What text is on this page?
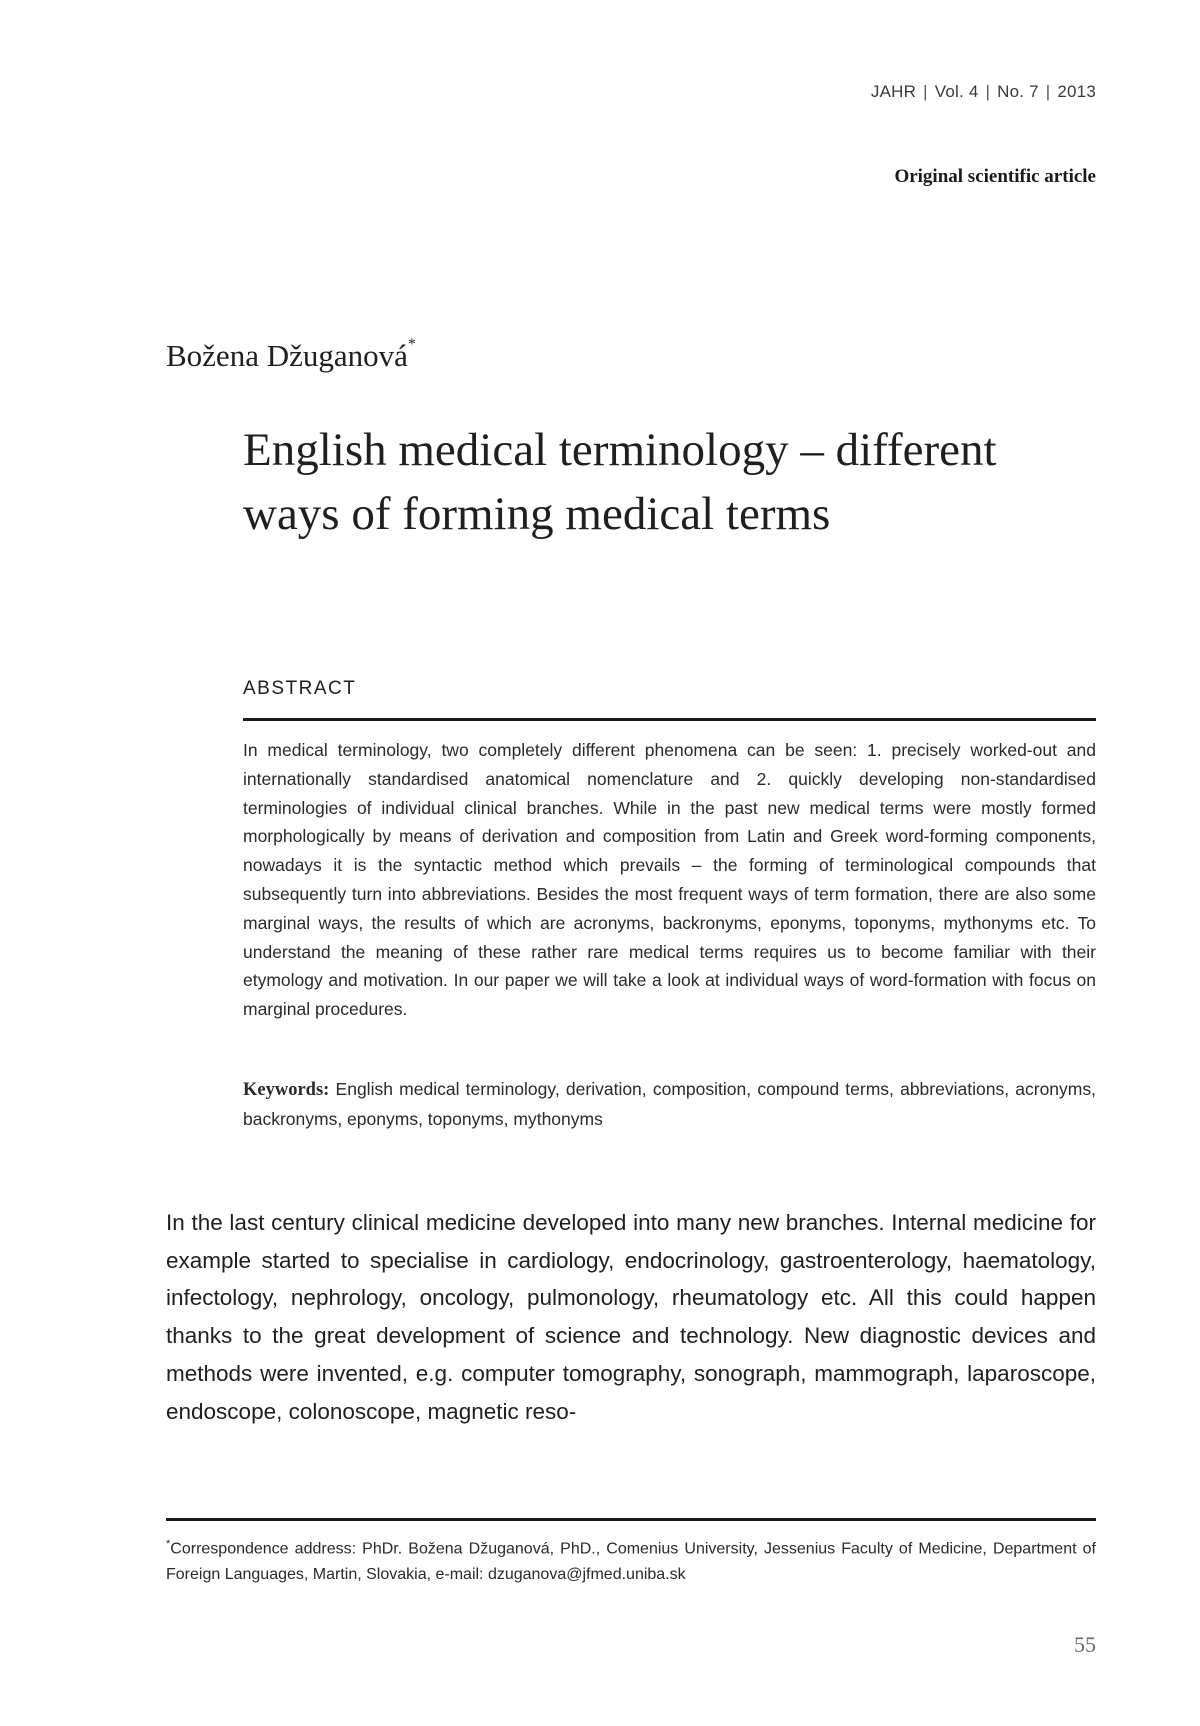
JAHR | Vol. 4 | No. 7 | 2013
Original scientific article
Božena Džuganová*
English medical terminology – different ways of forming medical terms
ABSTRACT

In medical terminology, two completely different phenomena can be seen: 1. precisely worked-out and internationally standardised anatomical nomenclature and 2. quickly developing non-standardised terminologies of individual clinical branches. While in the past new medical terms were mostly formed morphologically by means of derivation and composition from Latin and Greek word-forming components, nowadays it is the syntactic method which prevails – the forming of terminological compounds that subsequently turn into abbreviations. Besides the most frequent ways of term formation, there are also some marginal ways, the results of which are acronyms, backronyms, eponyms, toponyms, mythonyms etc. To understand the meaning of these rather rare medical terms requires us to become familiar with their etymology and motivation. In our paper we will take a look at individual ways of word-formation with focus on marginal procedures.

Keywords: English medical terminology, derivation, composition, compound terms, abbreviations, acronyms, backronyms, eponyms, toponyms, mythonyms

In the last century clinical medicine developed into many new branches. Internal medicine for example started to specialise in cardiology, endocrinology, gastroenterology, haematology, infectology, nephrology, oncology, pulmonology, rheumatology etc. All this could happen thanks to the great development of science and technology. New diagnostic devices and methods were invented, e.g. computer tomography, sonograph, mammograph, laparoscope, endoscope, colonoscope, magnetic reso-

*Correspondence address: PhDr. Božena Džuganová, PhD., Comenius University, Jessenius Faculty of Medicine, Department of Foreign Languages, Martin, Slovakia, e-mail: dzuganova@jfmed.uniba.sk

55
